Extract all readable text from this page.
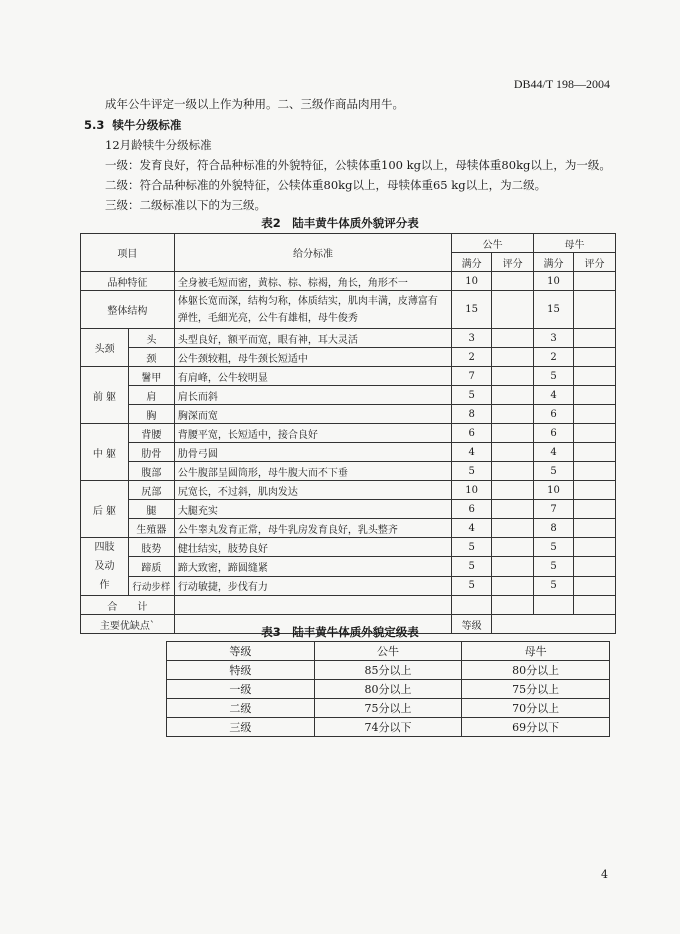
DB44/T 198—2004
成年公牛评定一级以上作为种用。二、三级作商品肉用牛。
5.3 犊牛分级标准
12月龄犊牛分级标准
一级：发育良好，符合品种标准的外貌特征，公犊体重100 kg以上，母犊体重80kg以上，为一级。
二级：符合品种标准的外貌特征，公犊体重80kg以上，母犊体重65 kg以上，为二级。
三级：二级标准以下的为三级。
表2　陆丰黄牛体质外貌评分表
项目		给分标准	公牛		母牛	
			满分	评分	满分	评分
品种特征		全身被毛短而密，黄棕、棕、棕褐，角长，角形不一	10		10	
整体结构		体躯长宽而深，结构匀称，体质结实，肌肉丰满，皮薄富有
弹性，毛細光亮，公牛有雄相，母牛俊秀	15		15	
头颈	头	头型良好，额平而宽，眼有神，耳大灵活	3		3	
	颈	公牛颈较粗，母牛颈长短适中	2		2	
前 躯	鬐甲	有肩峰，公牛较明显	7		5	
	肩	肩长而斜	5		4	
	胸	胸深而宽	8		6	
中 躯	背腰	背腰平宽，长短适中，接合良好	6		6	
	肋骨	肋骨弓圆	4		4	
	腹部	公牛腹部呈圆筒形，母牛腹大而不下垂	5		5	
后 躯	尻部	尻宽长，不过斜，肌肉发达	10		10	
	腿	大腿充实	6		7	
	生殖器	公牛睾丸发育正常，母牛乳房发育良好，乳头整齐	4		8	

四肢
及动
作	肢势	健壮结实，肢势良好	5		5	
	蹄质	蹄大致密，蹄圆缝紧	5		5	
	行动步样	行动敏捷，步伐有力	5		5	
合　　计						
主要优缺点`			等级			
表3　陆丰黄牛体质外貌定级表
等级	公牛	母牛
特级	85分以上	80分以上
一级	80分以上	75分以上
二级	75分以上	70分以上
三级	74分以下	69分以下
4
